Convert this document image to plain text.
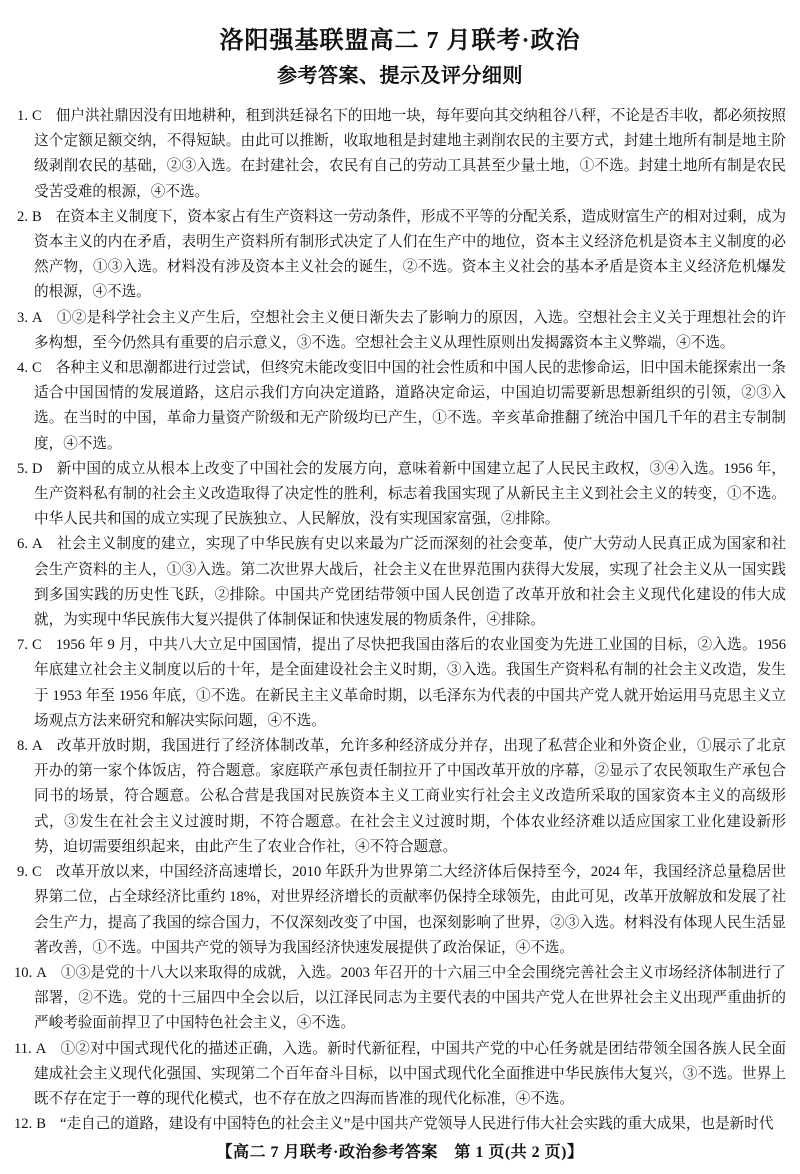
洛阳强基联盟高二 7 月联考·政治
参考答案、提示及评分细则
1. C 佃户洪社鼎因没有田地耕种，租到洪廷禄名下的田地一块，每年要向其交纳租谷八秤，不论是否丰收，都必须按照这个定额足额交纳，不得短缺。由此可以推断，收取地租是封建地主剥削农民的主要方式，封建土地所有制是地主阶级剥削农民的基础，②③入选。在封建社会，农民有自己的劳动工具甚至少量土地，①不选。封建土地所有制是农民受苦受难的根源，④不选。
2. B 在资本主义制度下，资本家占有生产资料这一劳动条件，形成不平等的分配关系，造成财富生产的相对过剩，成为资本主义的内在矛盾，表明生产资料所有制形式决定了人们在生产中的地位，资本主义经济危机是资本主义制度的必然产物，①③入选。材料没有涉及资本主义社会的诞生，②不选。资本主义社会的基本矛盾是资本主义经济危机爆发的根源，④不选。
3. A ①②是科学社会主义产生后，空想社会主义便日渐失去了影响力的原因，入选。空想社会主义关于理想社会的许多构想，至今仍然具有重要的启示意义，③不选。空想社会主义从理性原则出发揭露资本主义弊端，④不选。
4. C 各种主义和思潮都进行过尝试，但终究未能改变旧中国的社会性质和中国人民的悲惨命运，旧中国未能探索出一条适合中国国情的发展道路，这启示我们方向决定道路，道路决定命运，中国迫切需要新思想新组织的引领，②③入选。在当时的中国，革命力量资产阶级和无产阶级均已产生，①不选。辛亥革命推翻了统治中国几千年的君主专制制度，④不选。
5. D 新中国的成立从根本上改变了中国社会的发展方向，意味着新中国建立起了人民民主政权，③④入选。1956 年，生产资料私有制的社会主义改造取得了决定性的胜利，标志着我国实现了从新民主主义到社会主义的转变，①不选。中华人民共和国的成立实现了民族独立、人民解放，没有实现国家富强，②排除。
6. A 社会主义制度的建立，实现了中华民族有史以来最为广泛而深刻的社会变革，使广大劳动人民真正成为国家和社会生产资料的主人，①③入选。第二次世界大战后，社会主义在世界范围内获得大发展，实现了社会主义从一国实践到多国实践的历史性飞跃，②排除。中国共产党团结带领中国人民创造了改革开放和社会主义现代化建设的伟大成就，为实现中华民族伟大复兴提供了体制保证和快速发展的物质条件，④排除。
7. C 1956 年 9 月，中共八大立足中国国情，提出了尽快把我国由落后的农业国变为先进工业国的目标，②入选。1956 年底建立社会主义制度以后的十年，是全面建设社会主义时期，③入选。我国生产资料私有制的社会主义改造，发生于 1953 年至 1956 年底，①不选。在新民主主义革命时期，以毛泽东为代表的中国共产党人就开始运用马克思主义立场观点方法来研究和解决实际问题，④不选。
8. A 改革开放时期，我国进行了经济体制改革，允许多种经济成分并存，出现了私营企业和外资企业，①展示了北京开办的第一家个体饭店，符合题意。家庭联产承包责任制拉开了中国改革开放的序幕，②显示了农民领取生产承包合同书的场景，符合题意。公私合营是我国对民族资本主义工商业实行社会主义改造所采取的国家资本主义的高级形式，③发生在社会主义过渡时期，不符合题意。在社会主义过渡时期，个体农业经济难以适应国家工业化建设新形势，迫切需要组织起来，由此产生了农业合作社，④不符合题意。
9. C 改革开放以来，中国经济高速增长，2010 年跃升为世界第二大经济体后保持至今，2024 年，我国经济总量稳居世界第二位，占全球经济比重约 18%，对世界经济增长的贡献率仍保持全球领先，由此可见，改革开放解放和发展了社会生产力，提高了我国的综合国力，不仅深刻改变了中国，也深刻影响了世界，②③入选。材料没有体现人民生活显著改善，①不选。中国共产党的领导为我国经济快速发展提供了政治保证，④不选。
10. A ①③是党的十八大以来取得的成就，入选。2003 年召开的十六届三中全会围绕完善社会主义市场经济体制进行了部署，②不选。党的十三届四中全会以后，以江泽民同志为主要代表的中国共产党人在世界社会主义出现严重曲折的严峻考验面前捍卫了中国特色社会主义，④不选。
11. A ①②对中国式现代化的描述正确，入选。新时代新征程，中国共产党的中心任务就是团结带领全国各族人民全面建成社会主义现代化强国、实现第二个百年奋斗目标，以中国式现代化全面推进中华民族伟大复兴，③不选。世界上既不存在定于一尊的现代化模式，也不存在放之四海而皆准的现代化标准，④不选。
12. B “走自己的道路，建设有中国特色的社会主义”是中国共产党领导人民进行伟大社会实践的重大成果，也是新时代
【高二 7 月联考·政治参考答案　第 1 页(共 2 页)】
